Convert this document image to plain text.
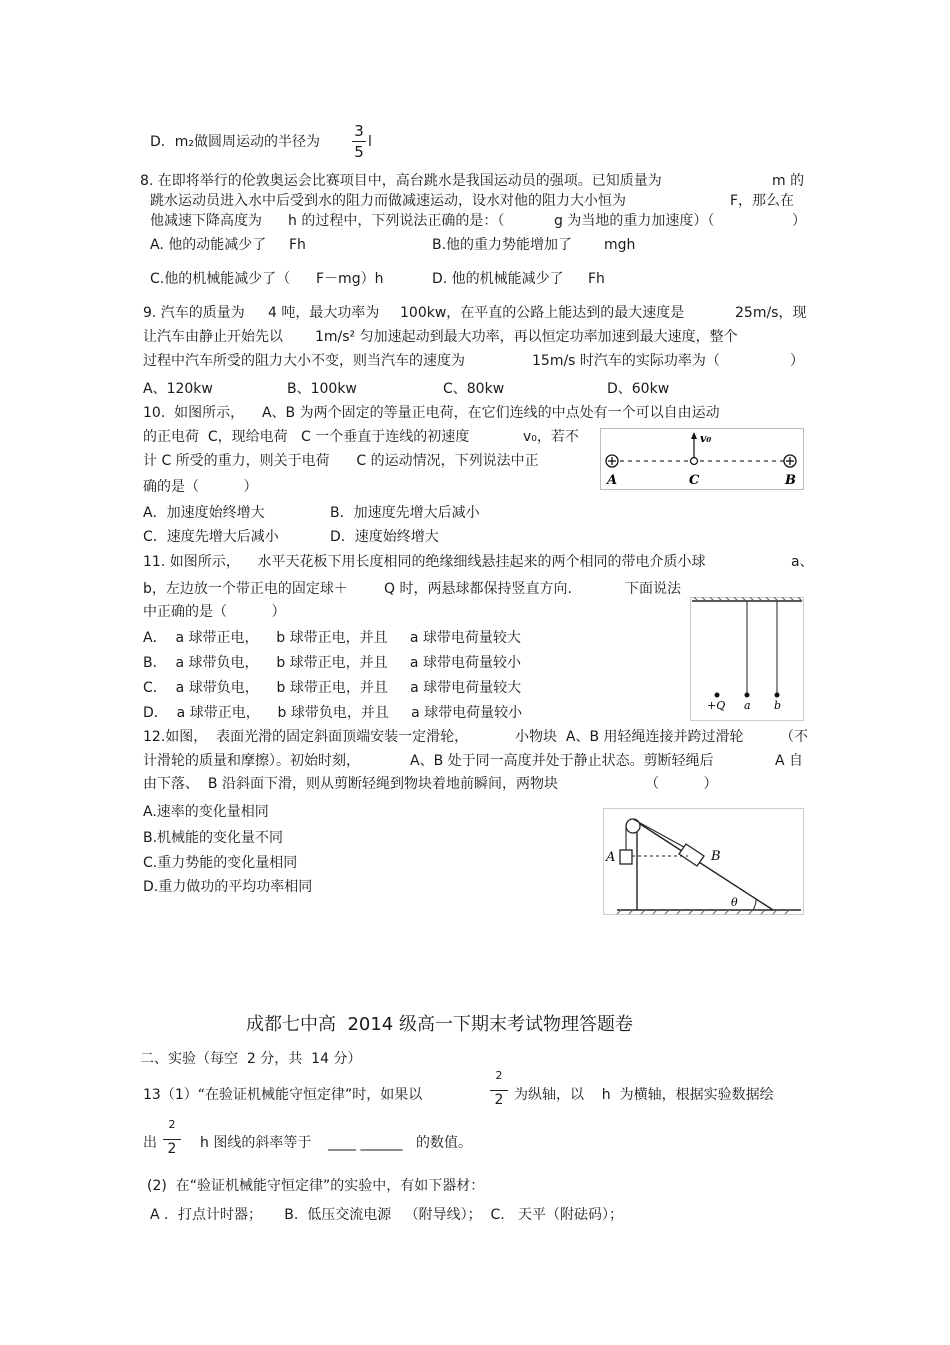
D．m₂做圆周运动的半径为
3
5
l
8. 在即将举行的伦敦奥运会比赛项目中，高台跳水是我国运动员的强项。已知质量为	m 的
跳水运动员进入水中后受到水的阻力而做减速运动，设水对他的阻力大小恒为	F，那么在
他减速下降高度为 h 的过程中，下列说法正确的是：（	g 为当地的重力加速度）（	）
A. 他的动能减少了 Fh	B.他的重力势能增加了 mgh
C.他的机械能减少了（ F－mg）h	D. 他的机械能减少了 Fh
9. 汽车的质量为 4 吨，最大功率为 100kw，在平直的公路上能达到的最大速度是	25m/s，现
让汽车由静止开始先以 1m/s² 匀加速起动到最大功率，再以恒定功率加速到最大速度，整个
过程中汽车所受的阻力大小不变，则当汽车的速度为	15m/s 时汽车的实际功率为（	）
A、120kw	B、100kw	C、80kw	D、60kw
10.  如图所示，    A、B 为两个固定的等量正电荷，在它们连线的中点处有一个可以自由运动
的正电荷  C，现给电荷   C 一个垂直于连线的初速度	v₀，若不
计 C 所受的重力，则关于电荷      C 的运动情况，下列说法中正
确的是（          ）
A．加速度始终增大	B．加速度先增大后减小
C．速度先增大后减小	D．速度始终增大
v₀
A	C	B
11. 如图所示，    水平天花板下用长度相同的绝缘细线悬挂起来的两个相同的带电介质小球	a、
b，左边放一个带正电的固定球＋	Q 时，两悬球都保持竖直方向.	下面说法
中正确的是（          ）
A．  a 球带正电，    b 球带正电，并且     a 球带电荷量较大
B．  a 球带负电，    b 球带正电，并且     a 球带电荷量较小
C．  a 球带负电，    b 球带正电，并且     a 球带电荷量较大
D．  a 球带正电，    b 球带负电，并且     a 球带电荷量较小	+Q a b
12.如图，  表面光滑的固定斜面顶端安装一定滑轮，	小物块  A、B 用轻绳连接并跨过滑轮	（不
计滑轮的质量和摩擦）。初始时刻，	A、B 处于同一高度并处于静止状态。剪断轻绳后	A 自
由下落、  B 沿斜面下滑，则从剪断轻绳到物块着地前瞬间，两物块	（          ）
A.速率的变化量相同
B.机械能的变化量不同
C.重力势能的变化量相同
D.重力做功的平均功率相同
A	B
θ
成都七中高  2014 级高一下期末考试物理答题卷
二、实验（每空  2 分，共  14 分）
13（1）“在验证机械能守恒定律”时，如果以
2
2 为纵轴，以    h  为横轴，根据实验数据绘
出
2
2	h 图线的斜率等于 ____ ______ 的数值。
(2)  在“验证机械能守恒定律”的实验中，有如下器材：
A ．打点计时器；     B.  低压交流电源   （附导线）；  C.   天平（附砝码）；
